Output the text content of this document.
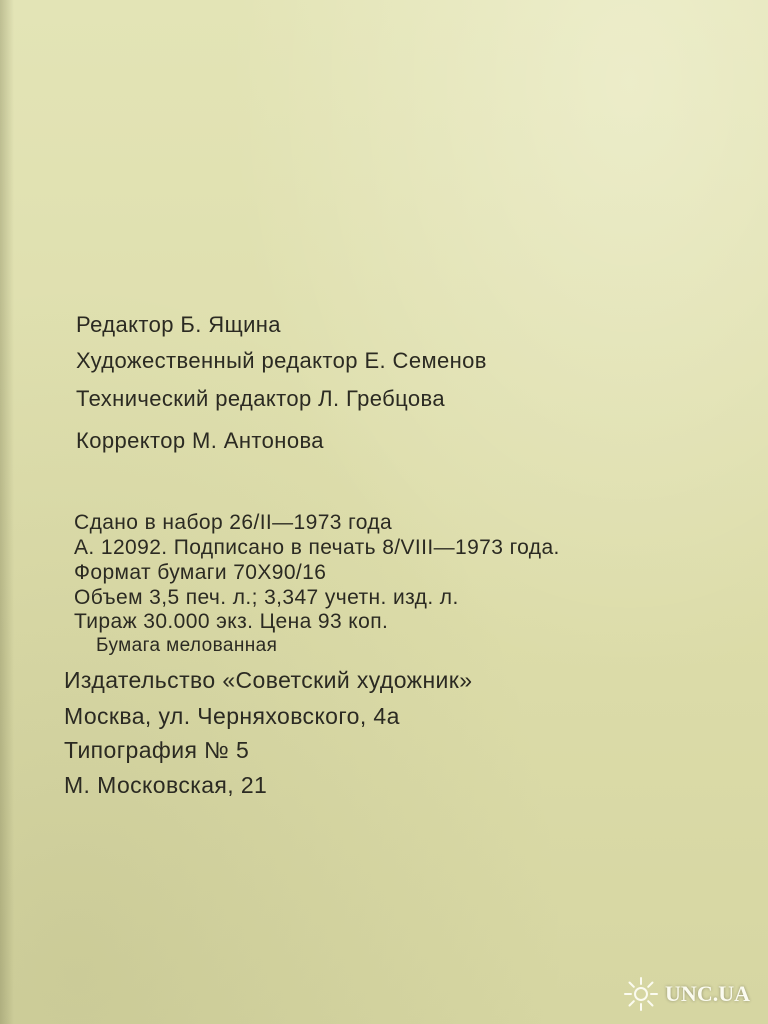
Редактор Б. Ящина
Художественный редактор Е. Семенов
Технический редактор Л. Гребцова
Корректор М. Антонова
Сдано в набор 26/II—1973 года
А. 12092. Подписано в печать 8/VIII—1973 года.
Формат бумаги 70X90/16
Объем 3,5 печ. л.; 3,347 учетн. изд. л.
Тираж 30.000 экз. Цена 93 коп.
Бумага мелованная
Издательство «Советский художник»
Москва, ул. Черняховского, 4а
Типография № 5
М. Московская, 21
UNC.UA
